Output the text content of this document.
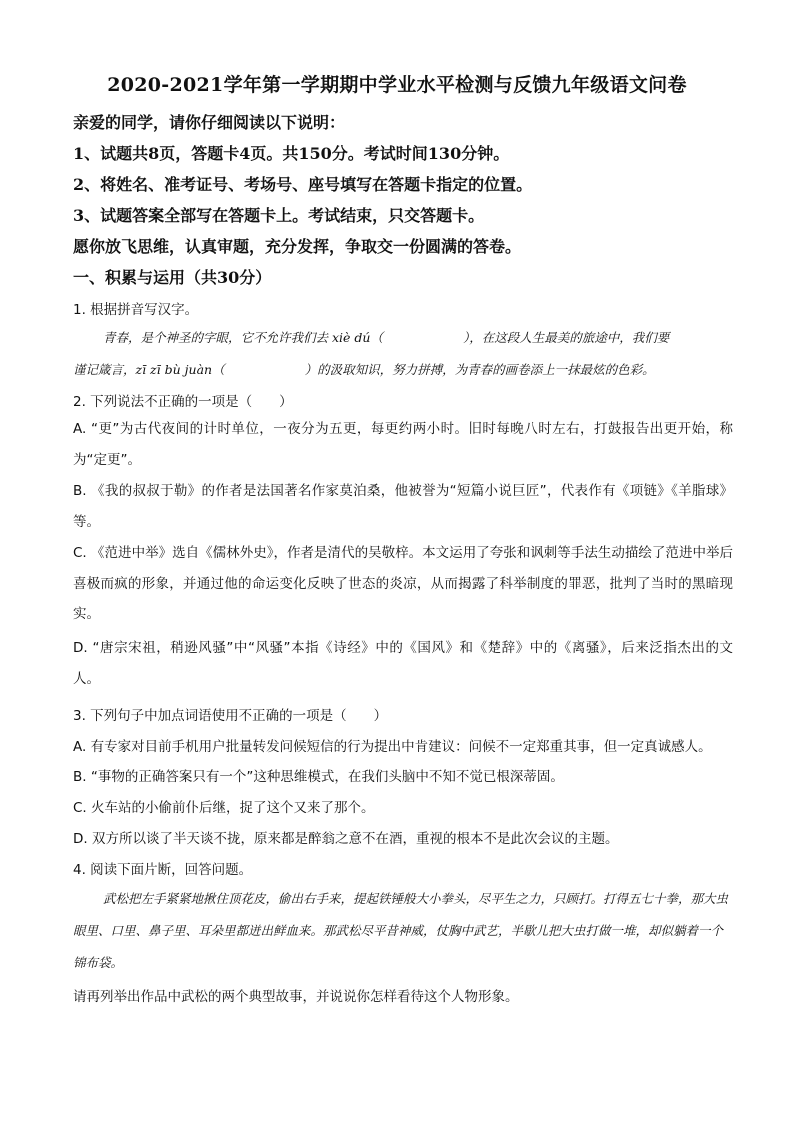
2020-2021学年第一学期期中学业水平检测与反馈九年级语文问卷
亲爱的同学，请你仔细阅读以下说明：
1、试题共8页，答题卡4页。共150分。考试时间130分钟。
2、将姓名、准考证号、考场号、座号填写在答题卡指定的位置。
3、试题答案全部写在答题卡上。考试结束，只交答题卡。
愿你放飞思维，认真审题，充分发挥，争取交一份圆满的答卷。
一、积累与运用（共30分）
1. 根据拼音写汉字。
青春，是个神圣的字眼，它不允许我们去 xiè dú（	），在这段人生最美的旅途中，我们要
谨记箴言，zī zī bù juàn（	）的汲取知识，努力拼搏，为青春的画卷添上一抹最炫的色彩。
2. 下列说法不正确的一项是（　　）
A. “更”为古代夜间的计时单位，一夜分为五更，每更约两小时。旧时每晚八时左右，打鼓报告出更开始，称为“定更”。
B. 《我的叔叔于勒》的作者是法国著名作家莫泊桑，他被誉为“短篇小说巨匠”，代表作有《项链》《羊脂球》等。
C. 《范进中举》选自《儒林外史》，作者是清代的吴敬梓。本文运用了夸张和讽刺等手法生动描绘了范进中举后喜极而疯的形象，并通过他的命运变化反映了世态的炎凉，从而揭露了科举制度的罪恶，批判了当时的黑暗现实。
D. “唐宗宋祖，稍逊风骚”中“风骚”本指《诗经》中的《国风》和《楚辞》中的《离骚》，后来泛指杰出的文人。
3. 下列句子中加点词语使用不正确的一项是（　　）
A. 有专家对目前手机用户批量转发问候短信的行为提出中肯建议：问候不一定郑重其事，但一定真诚感人。
B. “事物的正确答案只有一个”这种思维模式，在我们头脑中不知不觉已根深蒂固。
C. 火车站的小偷前仆后继，捉了这个又来了那个。
D. 双方所以谈了半天谈不拢，原来都是醉翁之意不在酒，重视的根本不是此次会议的主题。
4. 阅读下面片断，回答问题。
武松把左手紧紧地揪住顶花皮，偷出右手来，提起铁锤般大小拳头，尽平生之力，只顾打。打得五七十拳，那大虫眼里、口里、鼻子里、耳朵里都迸出鲜血来。那武松尽平昔神威，仗胸中武艺，半歇儿把大虫打做一堆，却似躺着一个锦布袋。
请再列举出作品中武松的两个典型故事，并说说你怎样看待这个人物形象。
